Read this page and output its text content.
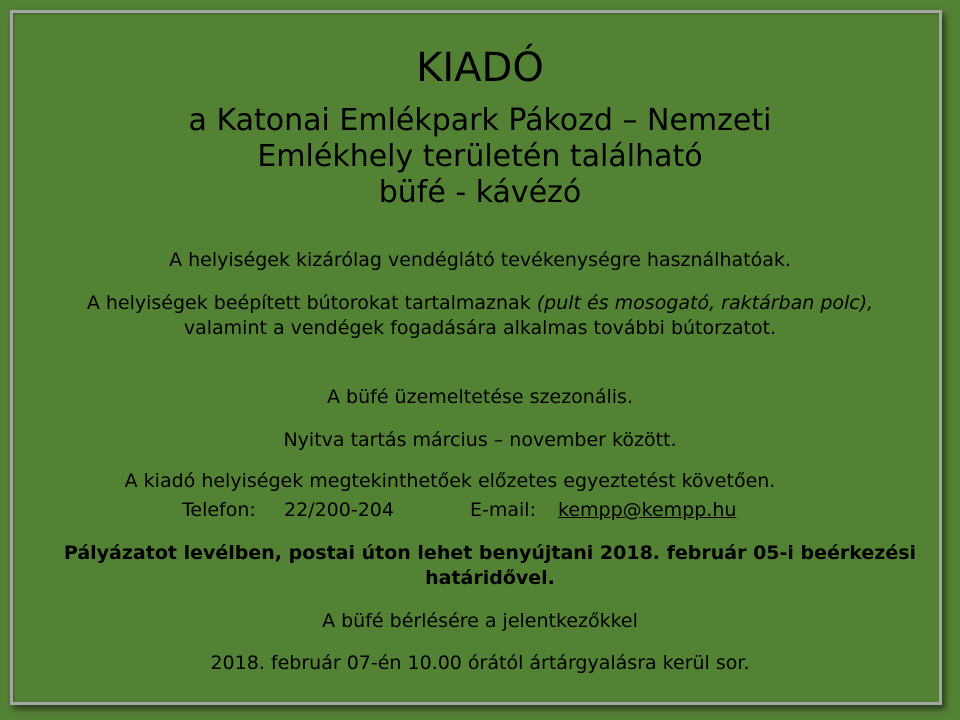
KIADÓ
a Katonai Emlékpark Pákozd – Nemzeti
Emlékhely területén található
büfé - kávézó
A helyiségek kizárólag vendéglátó tevékenységre használhatóak.
A helyiségek beépített bútorokat tartalmaznak (pult és mosogató, raktárban polc), valamint a vendégek fogadására alkalmas további bútorzatot.
A büfé üzemeltetése szezonális.
Nyitva tartás március – november között.
A kiadó helyiségek megtekinthetőek előzetes egyeztetést követően.
Telefon: 22/200-204	E-mail: kempp@kempp.hu
Pályázatot levélben, postai úton lehet benyújtani 2018. február 05-i beérkezési határidővel.
A büfé bérlésére a jelentkezőkkel
2018. február 07-én 10.00 órától ártárgyalásra kerül sor.
